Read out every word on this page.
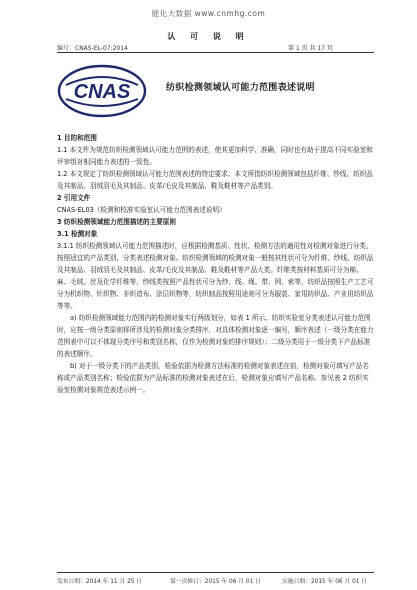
能化大数据 www.cnmhg.com
认 可 说 明
编号：CNAS-EL-07:2014	第 1 页 共 17 页
CNAS	纺织检测领域认可能力范围表述说明

1 目的和范围

1.1 本文件为规范纺织检测领域认可能力范围的表述，使其更加科学、准确，同时也有助于提高不同实验室和评审组对相同能力表述的一致性。

1.2 本文规定了纺织检测领域认可能力范围表述的特定要求。本文所指纺织检测领域包括纤维、纱线、纺织品及其制品、羽绒羽毛及其制品、皮革/毛皮及其制品、鞋及鞋材等产品类别。

2 引用文件

CNAS-EL03《检测和校准实验室认可能力范围表述说明》

3 纺织检测领域能力范围描述的主要原则

3.1 检测对象

3.1.1 纺织检测领域认可能力范围描述时，应根据检测基质、性状、检测方法的通用性对检测对象进行分类，按照适宜的产品类别，分类表述检测对象。纺织检测领域的检测对象一般按其性状可分为纤维、纱线、纺织品及其制品、羽绒羽毛及其制品、皮革/毛皮及其制品、鞋及鞋材等产品大类。纤维类按材料基质可分为棉、麻、毛绒、丝及化学纤维等，纱线类按照产品性状可分为纱、线、绳、带、网、索等，纺织品按照生产工艺可分为机织物、针织物、非织造布、涂层织物等，纺织制品按照用途则可分为服装、家用纺织品、产业用纺织品等等。

a) 纺织检测领域能力范围内的检测对象实行两级划分，如表 1 所示。纺织实验室分类表述认可能力范围时，应按一级分类原则将所涉及的检测对象分类排序，对具体检测对象逐一编号，顺序表述（一级分类在能力范围表中可以不体现分类序号和类别名称，仅作为检测对象的排序规则）；二级分类用于一级分类下产品标准的表述顺序。

b) 对于一级分类下的产品类别，检验依据为检测方法标准的检测对象表述在前，检测对象可填写产品名称或产品类别名称；检验依据为产品标准的检测对象表述在后，检测对象应填写产品名称。参见表 2 纺织实验室检测对象规范表述示例一。

发布日期：2014 年 11 月 25 日	第一次修订：2015 年 06 月 01 日	实施日期：2015 年 06 月 01 日
